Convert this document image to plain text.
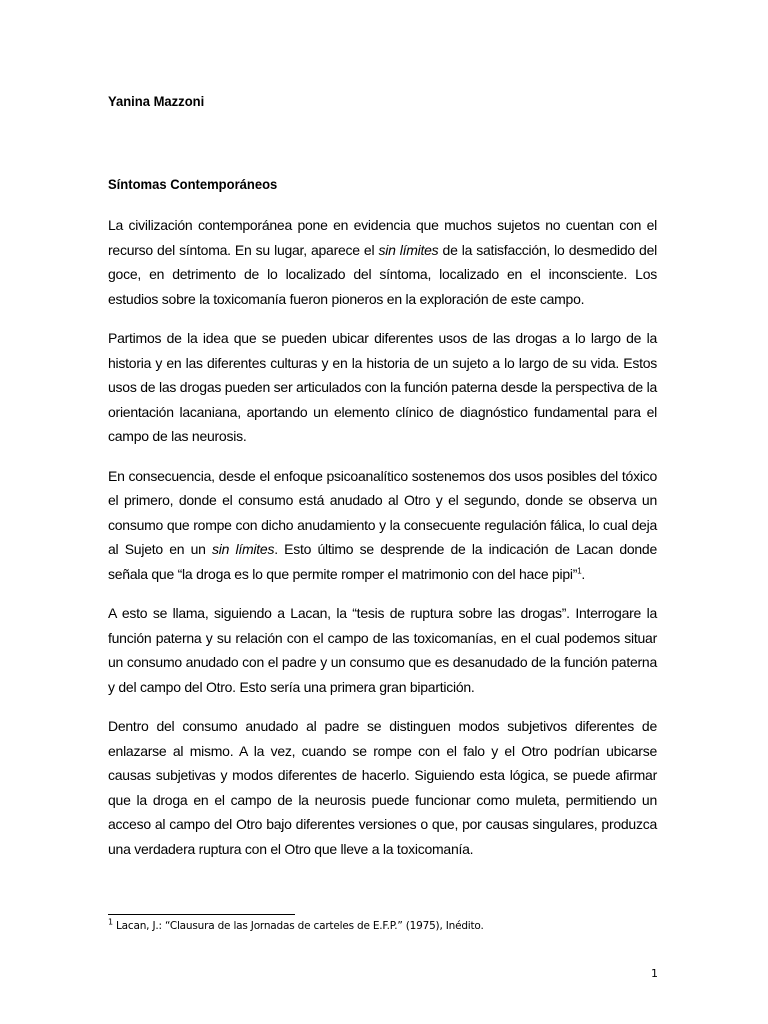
Yanina Mazzoni
Síntomas Contemporáneos

La civilización contemporánea pone en evidencia que muchos sujetos no cuentan con el recurso del síntoma. En su lugar, aparece el sin límites de la satisfacción, lo desmedido del goce, en detrimento de lo localizado del síntoma, localizado en el inconsciente. Los estudios sobre la toxicomanía fueron pioneros en la exploración de este campo.

Partimos de la idea que se pueden ubicar diferentes usos de las drogas a lo largo de la historia y en las diferentes culturas y en la historia de un sujeto a lo largo de su vida. Estos usos de las drogas pueden ser articulados con la función paterna desde la perspectiva de la orientación lacaniana, aportando un elemento clínico de diagnóstico fundamental para el campo de las neurosis.

En consecuencia, desde el enfoque psicoanalítico sostenemos dos usos posibles del tóxico el primero, donde el consumo está anudado al Otro y el segundo, donde se observa un consumo que rompe con dicho anudamiento y la consecuente regulación fálica, lo cual deja al Sujeto en un sin límites. Esto último se desprende de la indicación de Lacan donde señala que “la droga es lo que permite romper el matrimonio con del hace pipi”$^1$.

A esto se llama, siguiendo a Lacan, la “tesis de ruptura sobre las drogas”. Interrogare la función paterna y su relación con el campo de las toxicomanías, en el cual podemos situar un consumo anudado con el padre y un consumo que es desanudado de la función paterna y del campo del Otro. Esto sería una primera gran bipartición.

Dentro del consumo anudado al padre se distinguen modos subjetivos diferentes de enlazarse al mismo. A la vez, cuando se rompe con el falo y el Otro podrían ubicarse causas subjetivas y modos diferentes de hacerlo. Siguiendo esta lógica, se puede afirmar que la droga en el campo de la neurosis puede funcionar como muleta, permitiendo un acceso al campo del Otro bajo diferentes versiones o que, por causas singulares, produzca una verdadera ruptura con el Otro que lleve a la toxicomanía.

$^1$ Lacan, J.: “Clausura de las Jornadas de carteles de E.F.P.” (1975), Inédito.
1
